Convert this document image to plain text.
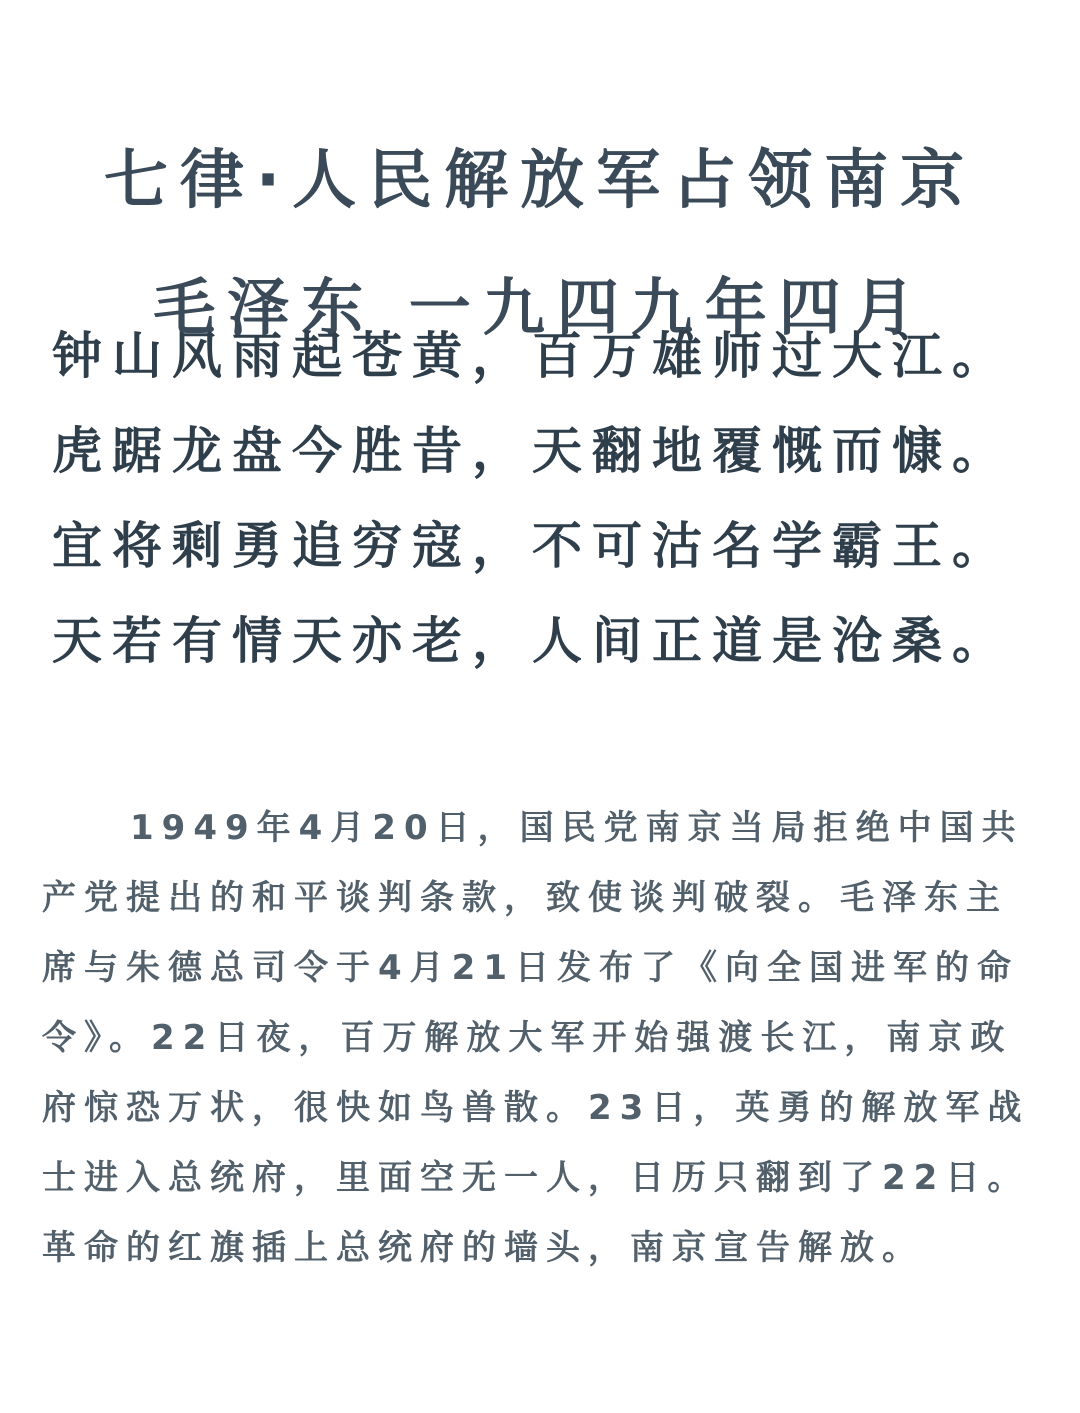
七律·人民解放军占领南京
毛泽东 一九四九年四月
钟山风雨起苍黄，百万雄师过大江。
虎踞龙盘今胜昔，天翻地覆慨而慷。
宜将剩勇追穷寇，不可沽名学霸王。
天若有情天亦老，人间正道是沧桑。

1949年4月20日，国民党南京当局拒绝中国共产党提出的和平谈判条款，致使谈判破裂。毛泽东主席与朱德总司令于4月21日发布了《向全国进军的命令》。22日夜，百万解放大军开始强渡长江，南京政府惊恐万状，很快如鸟兽散。23日，英勇的解放军战士进入总统府，里面空无一人，日历只翻到了22日。革命的红旗插上总统府的墙头，南京宣告解放。
